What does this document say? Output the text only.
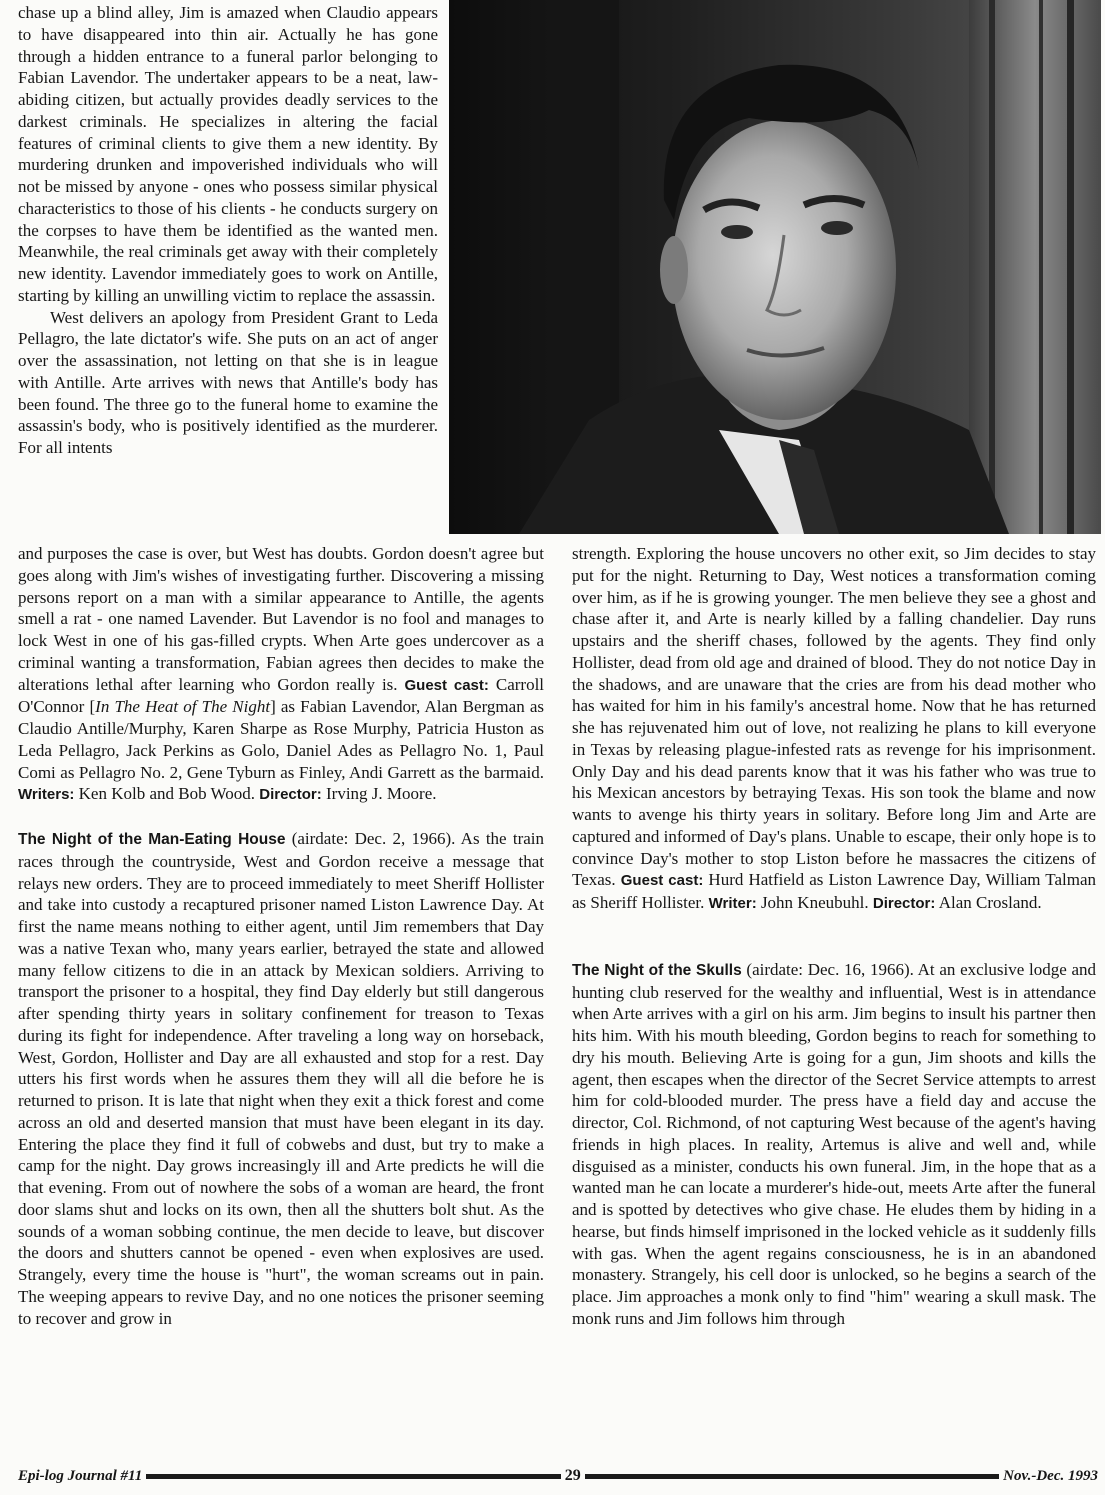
chase up a blind alley, Jim is amazed when Claudio appears to have disappeared into thin air. Actually he has gone through a hidden entrance to a funeral parlor belonging to Fabian Lavendor. The undertaker appears to be a neat, law-abiding citizen, but actually provides deadly services to the darkest criminals. He specializes in altering the facial features of criminal clients to give them a new identity. By murdering drunken and impoverished individuals who will not be missed by anyone - ones who possess similar physical characteristics to those of his clients - he conducts surgery on the corpses to have them be identified as the wanted men. Meanwhile, the real criminals get away with their completely new identity. Lavendor immediately goes to work on Antille, starting by killing an unwilling victim to replace the assassin.

West delivers an apology from President Grant to Leda Pellagro, the late dictator's wife. She puts on an act of anger over the assassination, not letting on that she is in league with Antille. Arte arrives with news that Antille's body has been found. The three go to the funeral home to examine the assassin's body, who is positively identified as the murderer. For all intents

and purposes the case is over, but West has doubts. Gordon doesn't agree but goes along with Jim's wishes of investigating further. Discovering a missing persons report on a man with a similar appearance to Antille, the agents smell a rat - one named Lavender. But Lavendor is no fool and manages to lock West in one of his gas-filled crypts. When Arte goes undercover as a criminal wanting a transformation, Fabian agrees then decides to make the alterations lethal after learning who Gordon really is. Guest cast: Carroll O'Connor [In The Heat of The Night] as Fabian Lavendor, Alan Bergman as Claudio Antille/Murphy, Karen Sharpe as Rose Murphy, Patricia Huston as Leda Pellagro, Jack Perkins as Golo, Daniel Ades as Pellagro No. 1, Paul Comi as Pellagro No. 2, Gene Tyburn as Finley, Andi Garrett as the barmaid. Writers: Ken Kolb and Bob Wood. Director: Irving J. Moore.

The Night of the Man-Eating House (airdate: Dec. 2, 1966). As the train races through the countryside, West and Gordon receive a message that relays new orders. They are to proceed immediately to meet Sheriff Hollister and take into custody a recaptured prisoner named Liston Lawrence Day. At first the name means nothing to either agent, until Jim remembers that Day was a native Texan who, many years earlier, betrayed the state and allowed many fellow citizens to die in an attack by Mexican soldiers. Arriving to transport the prisoner to a hospital, they find Day elderly but still dangerous after spending thirty years in solitary confinement for treason to Texas during its fight for independence. After traveling a long way on horseback, West, Gordon, Hollister and Day are all exhausted and stop for a rest. Day utters his first words when he assures them they will all die before he is returned to prison. It is late that night when they exit a thick forest and come across an old and deserted mansion that must have been elegant in its day. Entering the place they find it full of cobwebs and dust, but try to make a camp for the night. Day grows increasingly ill and Arte predicts he will die that evening. From out of nowhere the sobs of a woman are heard, the front door slams shut and locks on its own, then all the shutters bolt shut. As the sounds of a woman sobbing continue, the men decide to leave, but discover the doors and shutters cannot be opened - even when explosives are used. Strangely, every time the house is "hurt", the woman screams out in pain. The weeping appears to revive Day, and no one notices the prisoner seeming to recover and grow in

strength. Exploring the house uncovers no other exit, so Jim decides to stay put for the night. Returning to Day, West notices a transformation coming over him, as if he is growing younger. The men believe they see a ghost and chase after it, and Arte is nearly killed by a falling chandelier. Day runs upstairs and the sheriff chases, followed by the agents. They find only Hollister, dead from old age and drained of blood. They do not notice Day in the shadows, and are unaware that the cries are from his dead mother who has waited for him in his family's ancestral home. Now that he has returned she has rejuvenated him out of love, not realizing he plans to kill everyone in Texas by releasing plague-infested rats as revenge for his imprisonment. Only Day and his dead parents know that it was his father who was true to his Mexican ancestors by betraying Texas. His son took the blame and now wants to avenge his thirty years in solitary. Before long Jim and Arte are captured and informed of Day's plans. Unable to escape, their only hope is to convince Day's mother to stop Liston before he massacres the citizens of Texas. Guest cast: Hurd Hatfield as Liston Lawrence Day, William Talman as Sheriff Hollister. Writer: John Kneubuhl. Director: Alan Crosland.

The Night of the Skulls (airdate: Dec. 16, 1966). At an exclusive lodge and hunting club reserved for the wealthy and influential, West is in attendance when Arte arrives with a girl on his arm. Jim begins to insult his partner then hits him. With his mouth bleeding, Gordon begins to reach for something to dry his mouth. Believing Arte is going for a gun, Jim shoots and kills the agent, then escapes when the director of the Secret Service attempts to arrest him for cold-blooded murder. The press have a field day and accuse the director, Col. Richmond, of not capturing West because of the agent's having friends in high places. In reality, Artemus is alive and well and, while disguised as a minister, conducts his own funeral. Jim, in the hope that as a wanted man he can locate a murderer's hide-out, meets Arte after the funeral and is spotted by detectives who give chase. He eludes them by hiding in a hearse, but finds himself imprisoned in the locked vehicle as it suddenly fills with gas. When the agent regains consciousness, he is in an abandoned monastery. Strangely, his cell door is unlocked, so he begins a search of the place. Jim approaches a monk only to find "him" wearing a skull mask. The monk runs and Jim follows him through

Epi-log Journal #11	29	Nov.-Dec. 1993
